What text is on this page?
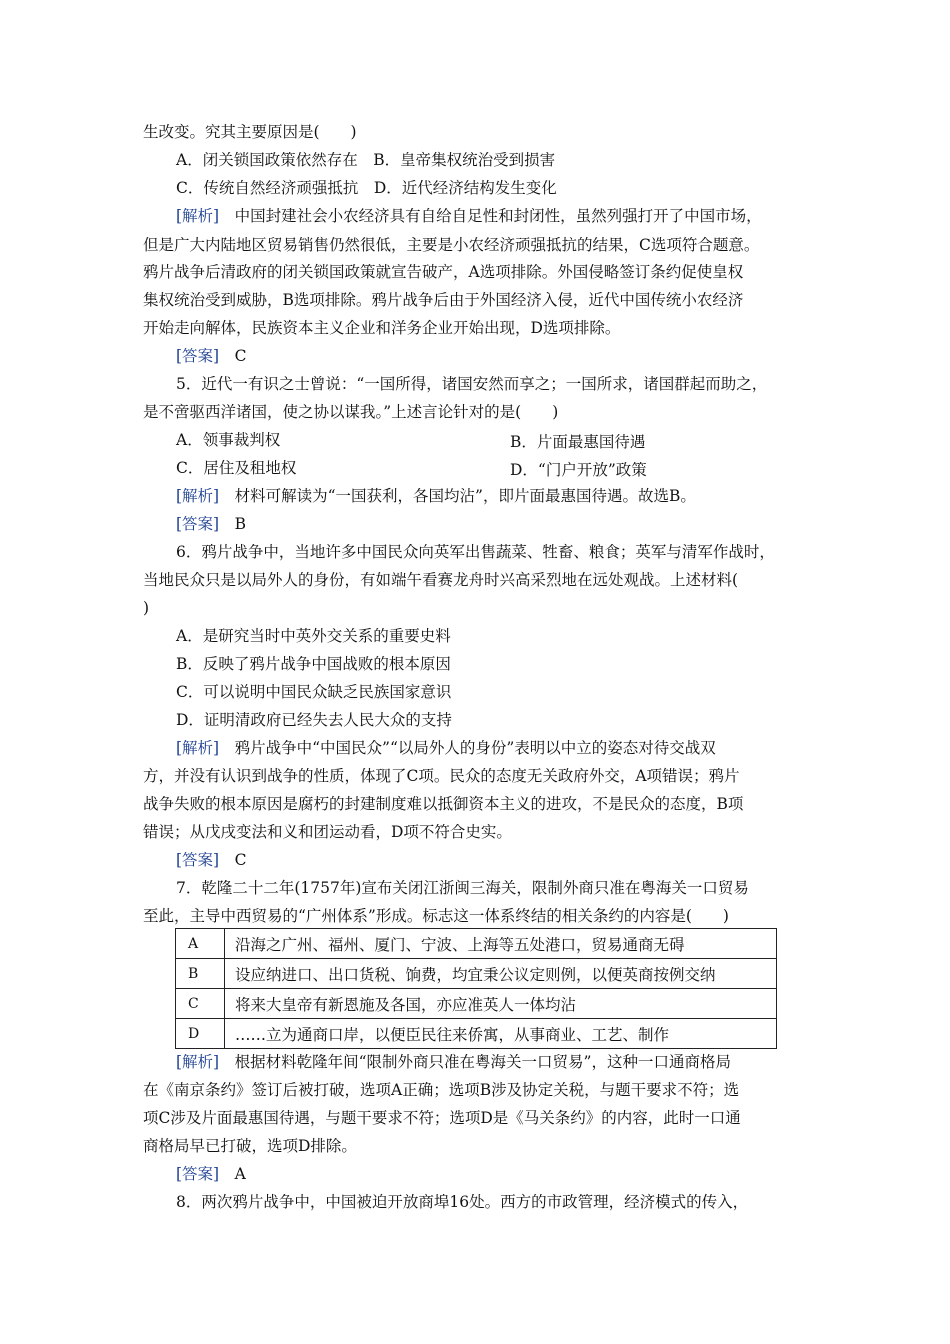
生改变。究其主要原因是(　　)
A．闭关锁国政策依然存在　B．皇帝集权统治受到损害
C．传统自然经济顽强抵抗　D．近代经济结构发生变化
[解析]　中国封建社会小农经济具有自给自足性和封闭性，虽然列强打开了中国市场，
但是广大内陆地区贸易销售仍然很低，主要是小农经济顽强抵抗的结果，C选项符合题意。
鸦片战争后清政府的闭关锁国政策就宣告破产，A选项排除。外国侵略签订条约促使皇权
集权统治受到威胁，B选项排除。鸦片战争后由于外国经济入侵，近代中国传统小农经济
开始走向解体，民族资本主义企业和洋务企业开始出现，D选项排除。
[答案]　C
5．近代一有识之士曾说：“一国所得，诸国安然而享之；一国所求，诸国群起而助之，
是不啻驱西洋诸国，使之协以谋我。”上述言论针对的是(　　)
A．领事裁判权	B．片面最惠国待遇
C．居住及租地权	D．“门户开放”政策
[解析]　材料可解读为“一国获利，各国均沾”，即片面最惠国待遇。故选B。
[答案]　B
6．鸦片战争中，当地许多中国民众向英军出售蔬菜、牲畜、粮食；英军与清军作战时，
当地民众只是以局外人的身份，有如端午看赛龙舟时兴高采烈地在远处观战。上述材料(
)
A．是研究当时中英外交关系的重要史料
B．反映了鸦片战争中国战败的根本原因
C．可以说明中国民众缺乏民族国家意识
D．证明清政府已经失去人民大众的支持
[解析]　鸦片战争中“中国民众”“以局外人的身份”表明以中立的姿态对待交战双
方，并没有认识到战争的性质，体现了C项。民众的态度无关政府外交，A项错误；鸦片
战争失败的根本原因是腐朽的封建制度难以抵御资本主义的进攻，不是民众的态度，B项
错误；从戊戌变法和义和团运动看，D项不符合史实。
[答案]　C
7．乾隆二十二年(1757年)宣布关闭江浙闽三海关，限制外商只准在粤海关一口贸易
至此，主导中西贸易的“广州体系”形成。标志这一体系终结的相关条约的内容是(　　)
A	沿海之广州、福州、厦门、宁波、上海等五处港口，贸易通商无碍
B	设应纳进口、出口货税、饷费，均宜秉公议定则例，以便英商按例交纳
C	将来大皇帝有新恩施及各国，亦应准英人一体均沾
D	……立为通商口岸，以便臣民往来侨寓，从事商业、工艺、制作
[解析]　根据材料乾隆年间“限制外商只准在粤海关一口贸易”，这种一口通商格局
在《南京条约》签订后被打破，选项A正确；选项B涉及协定关税，与题干要求不符；选
项C涉及片面最惠国待遇，与题干要求不符；选项D是《马关条约》的内容，此时一口通
商格局早已打破，选项D排除。
[答案]　A
8．两次鸦片战争中，中国被迫开放商埠16处。西方的市政管理，经济模式的传入，
